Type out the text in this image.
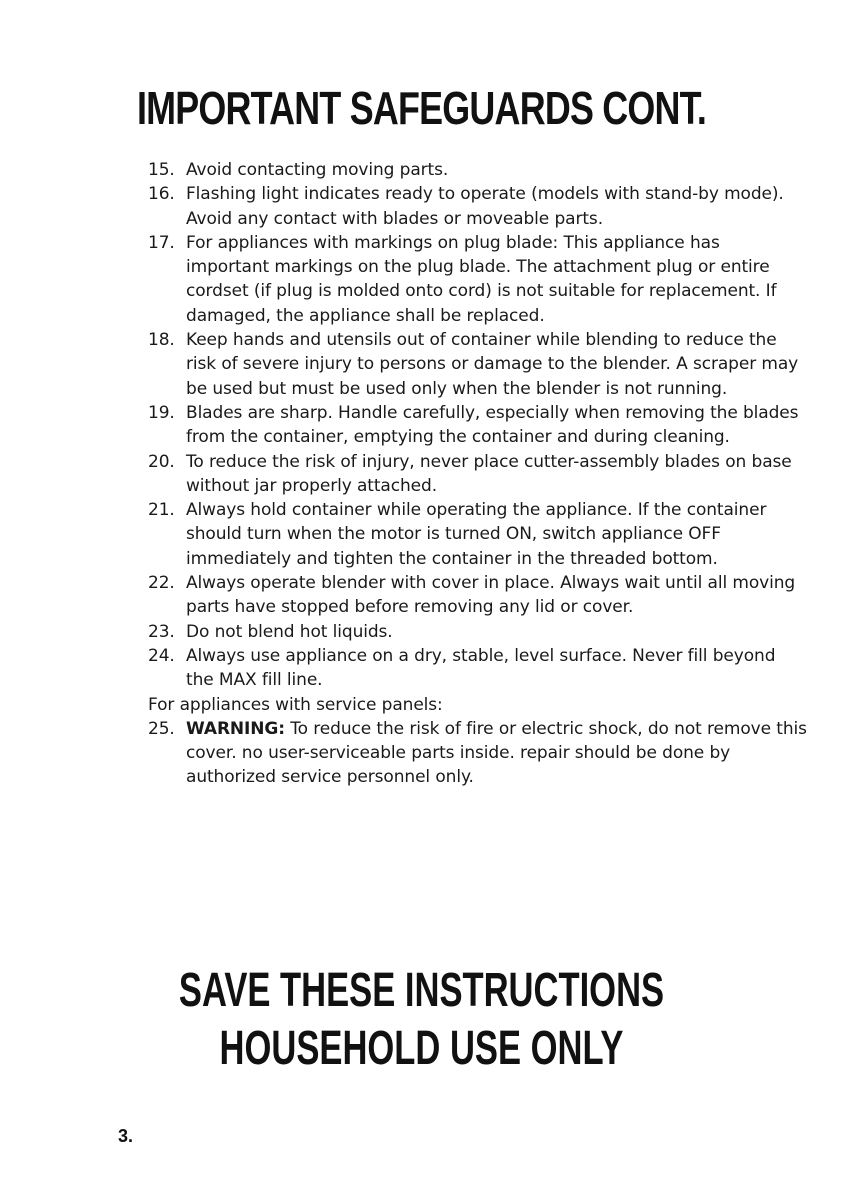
IMPORTANT SAFEGUARDS CONT.
15. Avoid contacting moving parts.
16. Flashing light indicates ready to operate (models with stand-by mode). Avoid any contact with blades or moveable parts.
17. For appliances with markings on plug blade: This appliance has important markings on the plug blade. The attachment plug or entire cordset (if plug is molded onto cord) is not suitable for replacement. If damaged, the appliance shall be replaced.
18. Keep hands and utensils out of container while blending to reduce the risk of severe injury to persons or damage to the blender. A scraper may be used but must be used only when the blender is not running.
19. Blades are sharp. Handle carefully, especially when removing the blades from the container, emptying the container and during cleaning.
20. To reduce the risk of injury, never place cutter-assembly blades on base without jar properly attached.
21. Always hold container while operating the appliance. If the container should turn when the motor is turned ON, switch appliance OFF immediately and tighten the container in the threaded bottom.
22. Always operate blender with cover in place. Always wait until all moving parts have stopped before removing any lid or cover.
23. Do not blend hot liquids.
24. Always use appliance on a dry, stable, level surface. Never fill beyond the MAX fill line.
For appliances with service panels:
25. WARNING: To reduce the risk of fire or electric shock, do not remove this cover. no user-serviceable parts inside. repair should be done by authorized service personnel only.
SAVE THESE INSTRUCTIONS
HOUSEHOLD USE ONLY
3.
